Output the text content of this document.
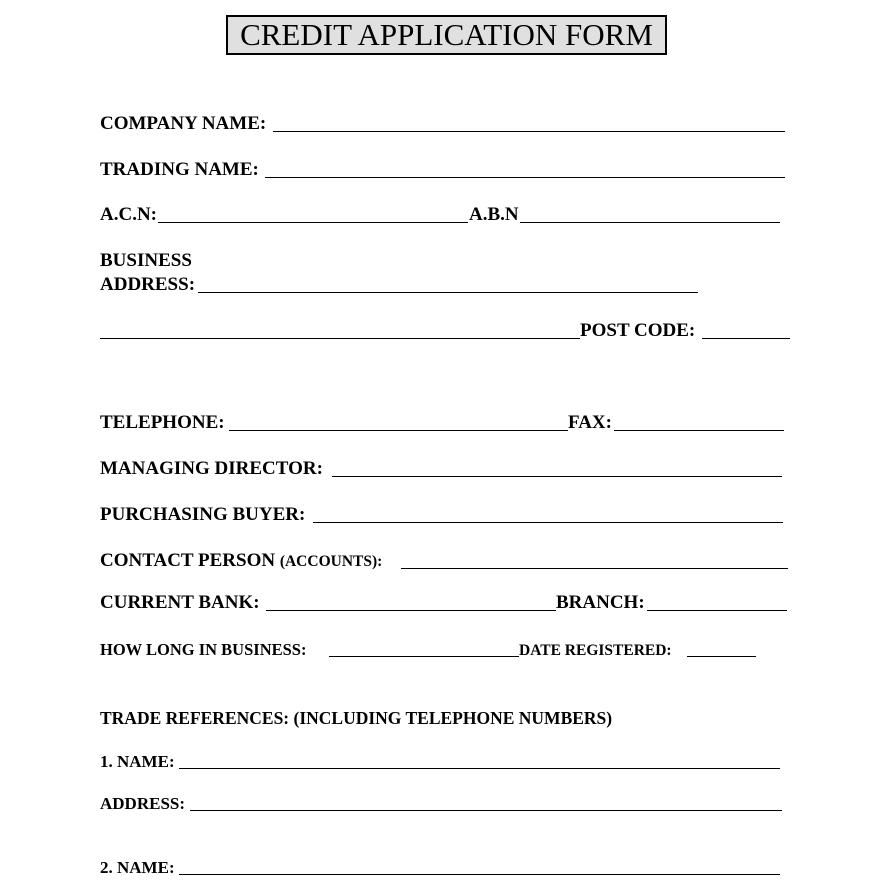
CREDIT APPLICATION FORM
COMPANY NAME:
TRADING NAME:
A.C.N:	A.B.N
BUSINESS
ADDRESS:
POST CODE:
TELEPHONE:	FAX:
MANAGING DIRECTOR:
PURCHASING BUYER:
CONTACT PERSON (ACCOUNTS):
CURRENT BANK:	BRANCH:
HOW LONG IN BUSINESS:	DATE REGISTERED:
TRADE REFERENCES: (INCLUDING TELEPHONE NUMBERS)
1. NAME:
ADDRESS:
2. NAME:
